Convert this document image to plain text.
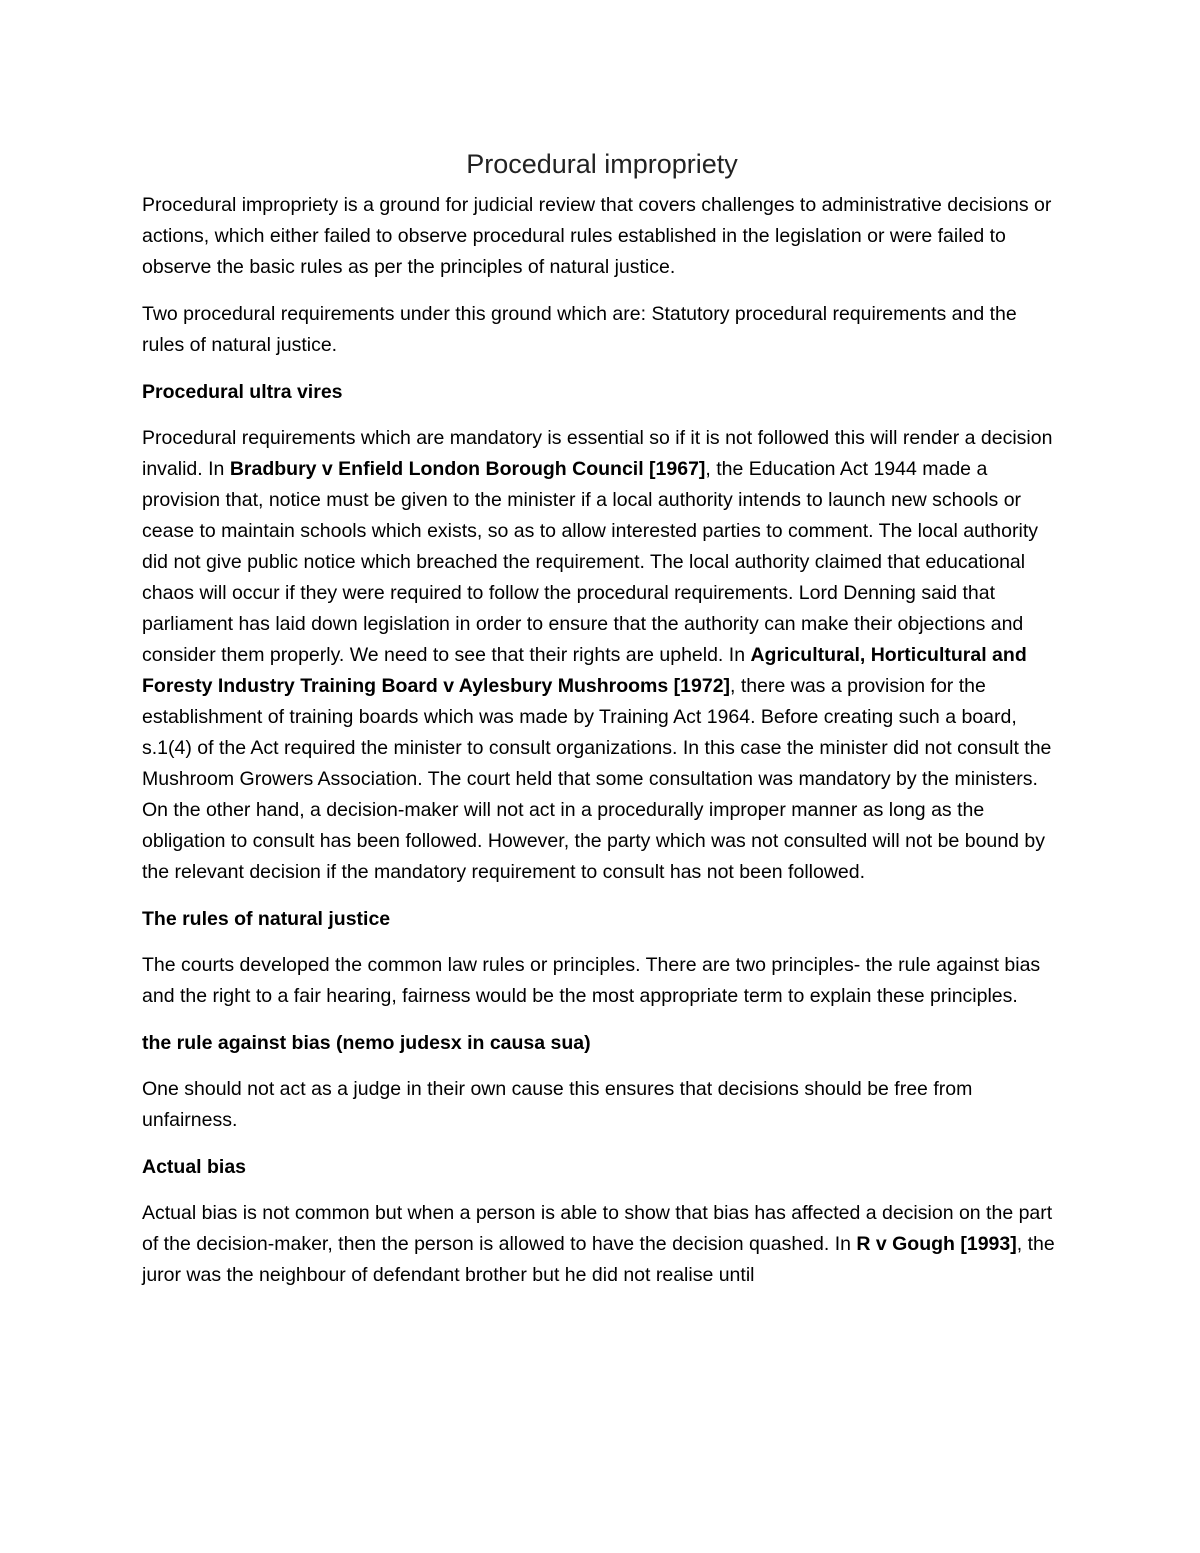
Procedural impropriety

Procedural impropriety is a ground for judicial review that covers challenges to administrative decisions or actions, which either failed to observe procedural rules established in the legislation or were failed to observe the basic rules as per the principles of natural justice.

Two procedural requirements under this ground which are: Statutory procedural requirements and the rules of natural justice.

Procedural ultra vires

Procedural requirements which are mandatory is essential so if it is not followed this will render a decision invalid. In Bradbury v Enfield London Borough Council [1967], the Education Act 1944 made a provision that, notice must be given to the minister if a local authority intends to launch new schools or cease to maintain schools which exists, so as to allow interested parties to comment. The local authority did not give public notice which breached the requirement. The local authority claimed that educational chaos will occur if they were required to follow the procedural requirements. Lord Denning said that parliament has laid down legislation in order to ensure that the authority can make their objections and consider them properly. We need to see that their rights are upheld. In Agricultural, Horticultural and Foresty Industry Training Board v Aylesbury Mushrooms [1972], there was a provision for the establishment of training boards which was made by Training Act 1964. Before creating such a board, s.1(4) of the Act required the minister to consult organizations. In this case the minister did not consult the Mushroom Growers Association. The court held that some consultation was mandatory by the ministers. On the other hand, a decision-maker will not act in a procedurally improper manner as long as the obligation to consult has been followed. However, the party which was not consulted will not be bound by the relevant decision if the mandatory requirement to consult has not been followed.

The rules of natural justice

The courts developed the common law rules or principles. There are two principles- the rule against bias and the right to a fair hearing, fairness would be the most appropriate term to explain these principles.

the rule against bias (nemo judesx in causa sua)

One should not act as a judge in their own cause this ensures that decisions should be free from unfairness.

Actual bias

Actual bias is not common but when a person is able to show that bias has affected a decision on the part of the decision-maker, then the person is allowed to have the decision quashed. In R v Gough [1993], the juror was the neighbour of defendant brother but he did not realise until
